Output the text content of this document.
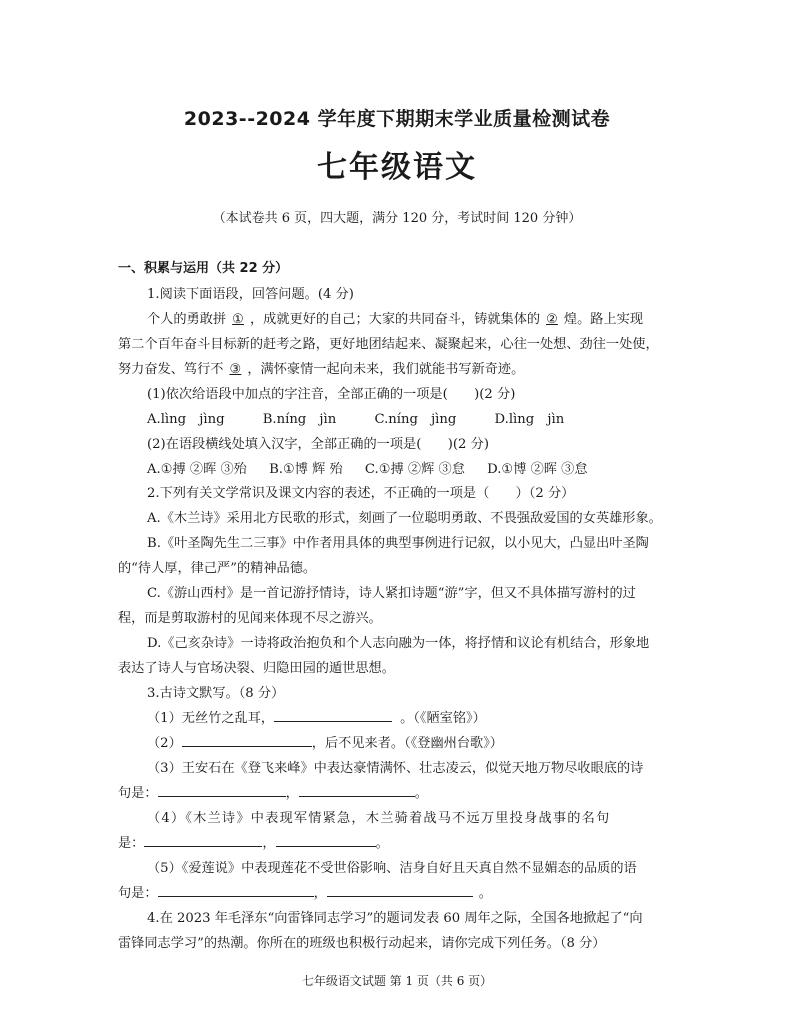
2023--2024 学年度下期期末学业质量检测试卷
七年级语文
（本试卷共 6 页，四大题，满分 120 分，考试时间 120 分钟）
一、积累与运用（共 22 分）
1.阅读下面语段，回答问题。(4 分)
个人的勇敢拼 ① ，成就更好的自己；大家的共同奋斗，铸就集体的 ② 煌。路上实现
第二个百年奋斗目标新的赶考之路，更好地团结起来、凝聚起来，心往一处想、劲往一处使，
努力奋发、笃行不 ③ ，满怀豪情一起向未来，我们就能书写新奇迹。
(1)依次给语段中加点的字注音，全部正确的一项是(　　)(2 分)
A.lìng　jìng	B.níng　jìn	C.níng　jìng	D.lìng　jìn
(2)在语段横线处填入汉字，全部正确的一项是(　　)(2 分)
A.①搏 ②晖 ③殆 B.①博 辉 殆 C.①搏 ②辉 ③怠 D.①博 ②晖 ③怠
2.下列有关文学常识及课文内容的表述，不正确的一项是（　　）（2 分）
A.《木兰诗》采用北方民歌的形式，刻画了一位聪明勇敢、不畏强敌爱国的女英雄形象。
B.《叶圣陶先生二三事》中作者用具体的典型事例进行记叙，以小见大，凸显出叶圣陶
的“待人厚，律己严”的精神品德。
C.《游山西村》是一首记游抒情诗，诗人紧扣诗题“游”字，但又不具体描写游村的过
程，而是剪取游村的见闻来体现不尽之游兴。
D.《己亥杂诗》一诗将政治抱负和个人志向融为一体，将抒情和议论有机结合，形象地
表达了诗人与官场决裂、归隐田园的遁世思想。
3.古诗文默写。（8 分）
（1）无丝竹之乱耳，	。（《陋室铭》）
（2）	，后不见来者。（《登幽州台歌》）
（3）王安石在《登飞来峰》中表达豪情满怀、壮志凌云，似觉天地万物尽收眼底的诗
句是：	，	。
（4）《木兰诗》中表现军情紧急，木兰骑着战马不远万里投身战事的名句
是：	，	。
（5）《爱莲说》中表现莲花不受世俗影响、洁身自好且天真自然不显媚态的品质的语
句是：	，	。
4.在 2023 年毛泽东“向雷锋同志学习”的题词发表 60 周年之际，全国各地掀起了“向
雷锋同志学习”的热潮。你所在的班级也积极行动起来，请你完成下列任务。（8 分）
七年级语文试题 第 1 页（共 6 页）
